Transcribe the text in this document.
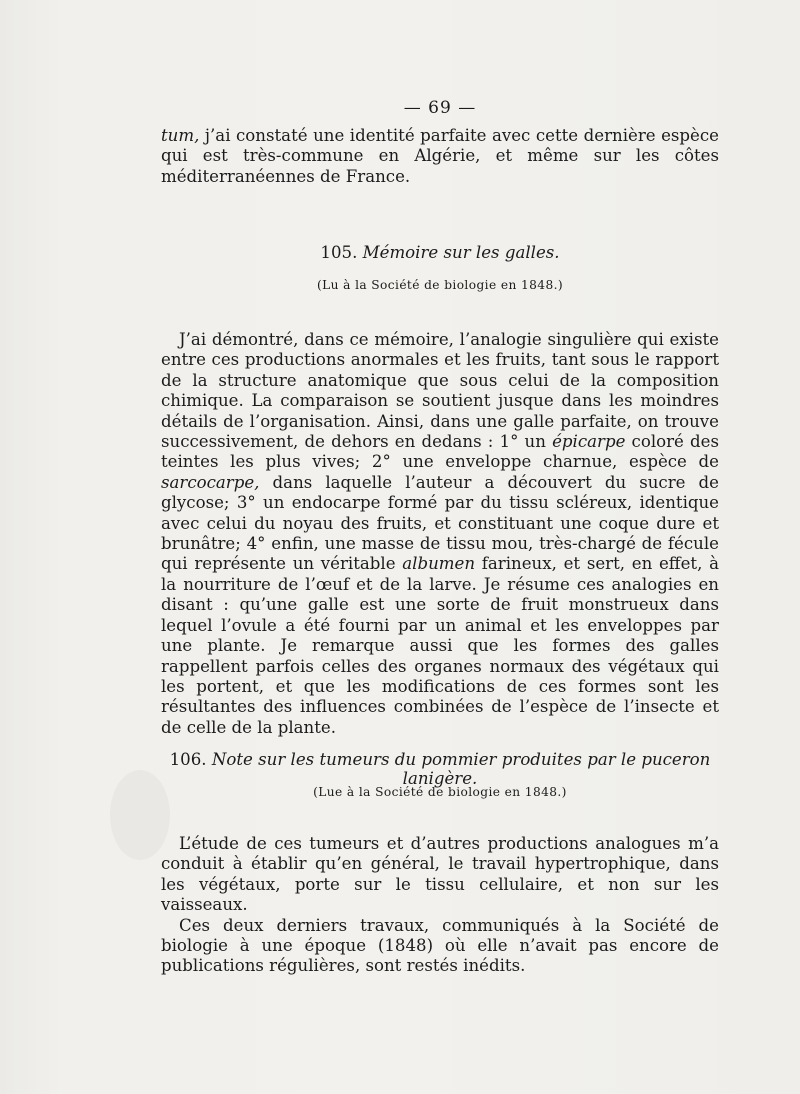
— 69 —

tum, j’ai constaté une identité parfaite avec cette dernière espèce qui est très-commune en Algérie, et même sur les côtes méditerranéennes de France.

105. Mémoire sur les galles.
(Lu à la Société de biologie en 1848.)

J’ai démontré, dans ce mémoire, l’analogie singulière qui existe entre ces productions anormales et les fruits, tant sous le rapport de la structure anatomique que sous celui de la composition chimique. La comparaison se soutient jusque dans les moindres détails de l’organisation. Ainsi, dans une galle parfaite, on trouve successivement, de dehors en dedans : 1° un épicarpe coloré des teintes les plus vives; 2° une enveloppe charnue, espèce de sarcocarpe, dans laquelle l’auteur a découvert du sucre de glycose; 3° un endocarpe formé par du tissu scléreux, identique avec celui du noyau des fruits, et constituant une coque dure et brunâtre; 4° enfin, une masse de tissu mou, très-chargé de fécule qui représente un véritable albumen farineux, et sert, en effet, à la nourriture de l’œuf et de la larve. Je résume ces analogies en disant : qu’une galle est une sorte de fruit monstrueux dans lequel l’ovule a été fourni par un animal et les enveloppes par une plante. Je remarque aussi que les formes des galles rappellent parfois celles des organes normaux des végétaux qui les portent, et que les modifications de ces formes sont les résultantes des influences combinées de l’espèce de l’insecte et de celle de la plante.

106. Note sur les tumeurs du pommier produites par le puceron lanigère.
(Lue à la Société de biologie en 1848.)

L’étude de ces tumeurs et d’autres productions analogues m’a conduit à établir qu’en général, le travail hypertrophique, dans les végétaux, porte sur le tissu cellulaire, et non sur les vaisseaux.

Ces deux derniers travaux, communiqués à la Société de biologie à une époque (1848) où elle n’avait pas encore de publications régulières, sont restés inédits.
